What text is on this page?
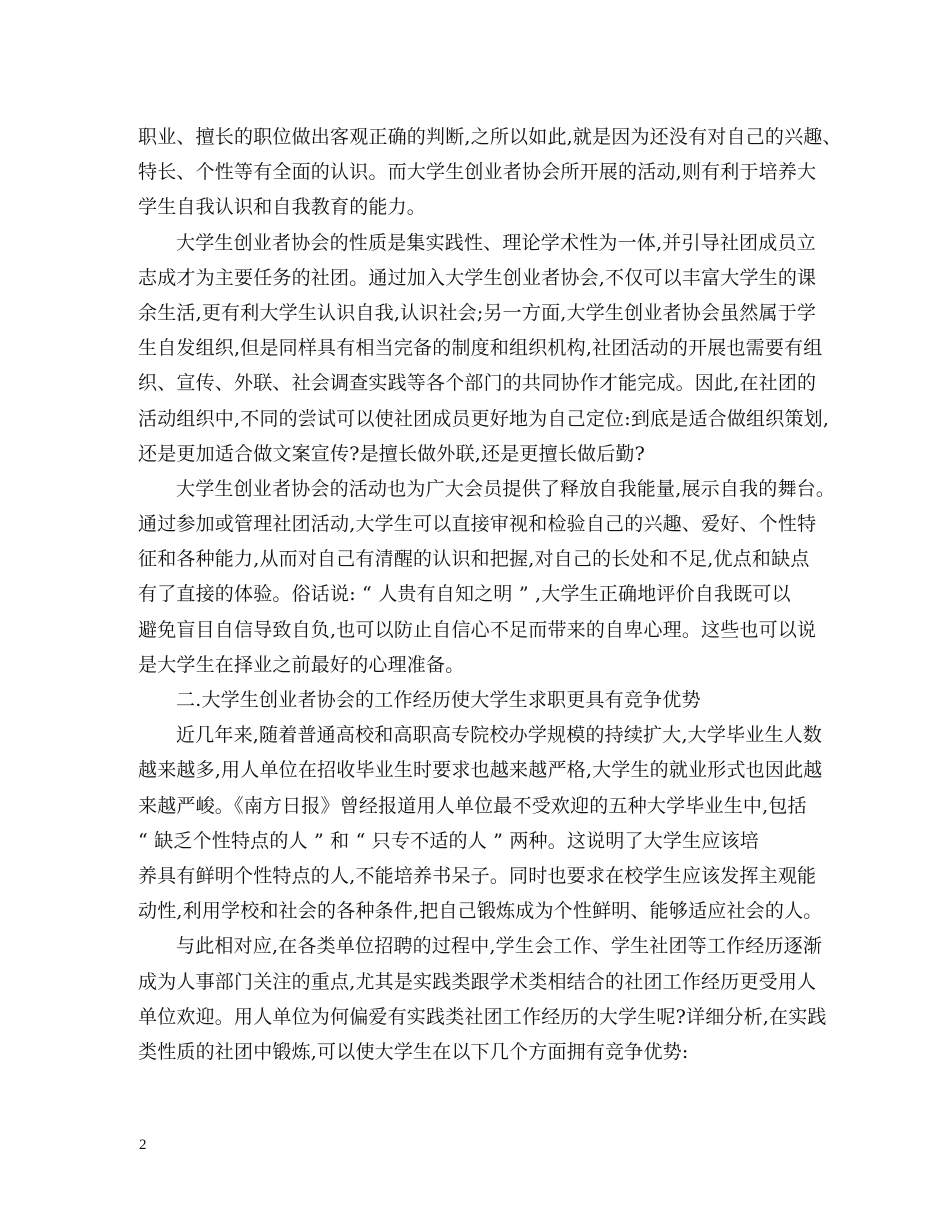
职业、擅长的职位做出客观正确的判断,之所以如此,就是因为还没有对自己的兴趣、
特长、个性等有全面的认识。而大学生创业者协会所开展的活动,则有利于培养大
学生自我认识和自我教育的能力。
大学生创业者协会的性质是集实践性、理论学术性为一体,并引导社团成员立
志成才为主要任务的社团。通过加入大学生创业者协会,不仅可以丰富大学生的课
余生活,更有利大学生认识自我,认识社会;另一方面,大学生创业者协会虽然属于学
生自发组织,但是同样具有相当完备的制度和组织机构,社团活动的开展也需要有组
织、宣传、外联、社会调查实践等各个部门的共同协作才能完成。因此,在社团的
活动组织中,不同的尝试可以使社团成员更好地为自己定位:到底是适合做组织策划,
还是更加适合做文案宣传?是擅长做外联,还是更擅长做后勤?
大学生创业者协会的活动也为广大会员提供了释放自我能量,展示自我的舞台。
通过参加或管理社团活动,大学生可以直接审视和检验自己的兴趣、爱好、个性特
征和各种能力,从而对自己有清醒的认识和把握,对自己的长处和不足,优点和缺点
有了直接的体验。俗话说: “ 人贵有自知之明 ” ,大学生正确地评价自我既可以
避免盲目自信导致自负,也可以防止自信心不足而带来的自卑心理。这些也可以说
是大学生在择业之前最好的心理准备。
二.大学生创业者协会的工作经历使大学生求职更具有竞争优势
近几年来,随着普通高校和高职高专院校办学规模的持续扩大,大学毕业生人数
越来越多,用人单位在招收毕业生时要求也越来越严格,大学生的就业形式也因此越
来越严峻。《南方日报》曾经报道用人单位最不受欢迎的五种大学毕业生中,包括
“ 缺乏个性特点的人 ” 和 “ 只专不适的人 ” 两种。这说明了大学生应该培
养具有鲜明个性特点的人,不能培养书呆子。同时也要求在校学生应该发挥主观能
动性,利用学校和社会的各种条件,把自己锻炼成为个性鲜明、能够适应社会的人。
与此相对应,在各类单位招聘的过程中,学生会工作、学生社团等工作经历逐渐
成为人事部门关注的重点,尤其是实践类跟学术类相结合的社团工作经历更受用人
单位欢迎。用人单位为何偏爱有实践类社团工作经历的大学生呢?详细分析,在实践
类性质的社团中锻炼,可以使大学生在以下几个方面拥有竞争优势:
2
